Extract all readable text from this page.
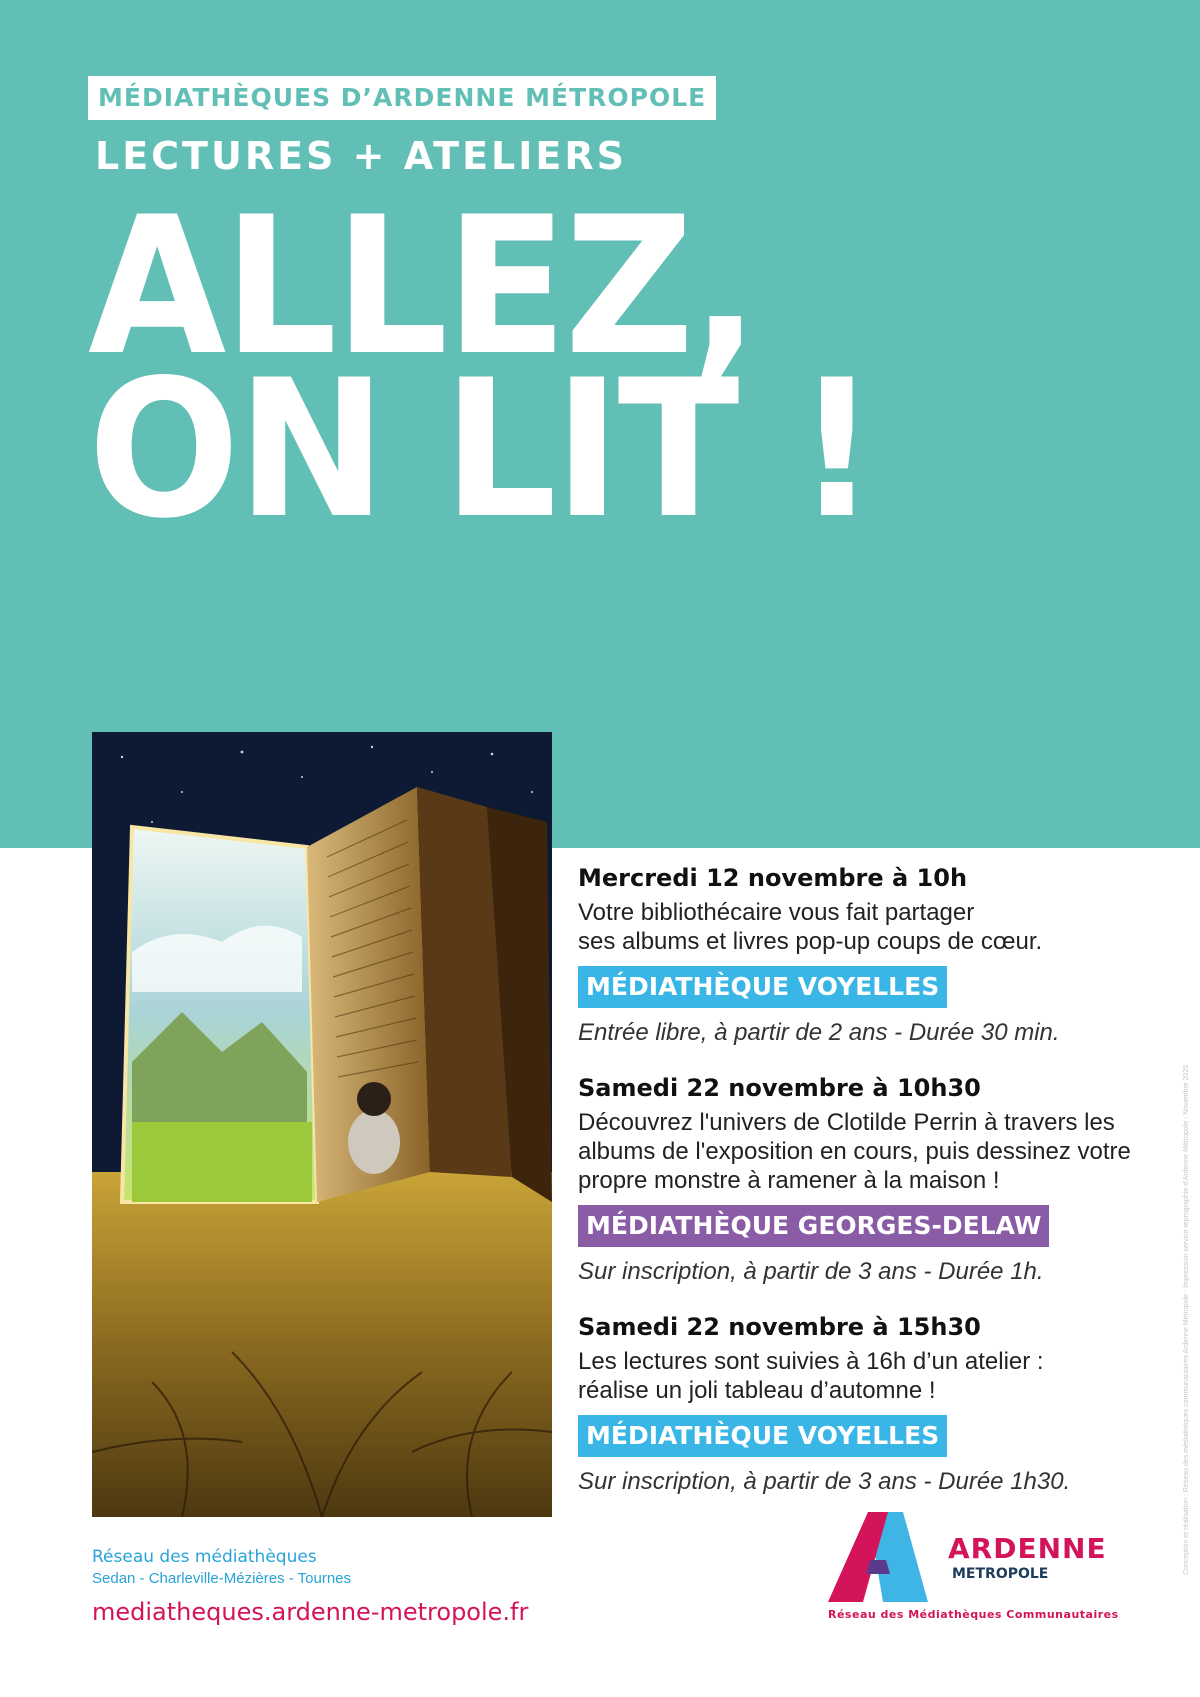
MÉDIATHÈQUES D’ARDENNE MÉTROPOLE
LECTURES + ATELIERS
ALLEZ,
ON LIT !
Mercredi 12 novembre à 10h
Votre bibliothécaire vous fait partager
ses albums et livres pop-up coups de cœur.
MÉDIATHÈQUE VOYELLES
Entrée libre, à partir de 2 ans - Durée 30 min.
Samedi 22 novembre à 10h30
Découvrez l'univers de Clotilde Perrin à travers les
albums de l'exposition en cours, puis dessinez votre
propre monstre à ramener à la maison !
MÉDIATHÈQUE GEORGES-DELAW
Sur inscription, à partir de 3 ans - Durée 1h.
Samedi 22 novembre à 15h30
Les lectures sont suivies à 16h d’un atelier :
réalise un joli tableau d’automne !
MÉDIATHÈQUE VOYELLES
Sur inscription, à partir de 3 ans - Durée 1h30.
Réseau des médiathèques
Sedan - Charleville-Mézières - Tournes
mediatheques.ardenne-metropole.fr
ARDENNE
METROPOLE
Réseau des Médiathèques Communautaires
Conception et réalisation : Réseau des médiathèques communautaires Ardenne Métropole - Impression service reprographie d’Ardenne Métropole - Novembre 2025
